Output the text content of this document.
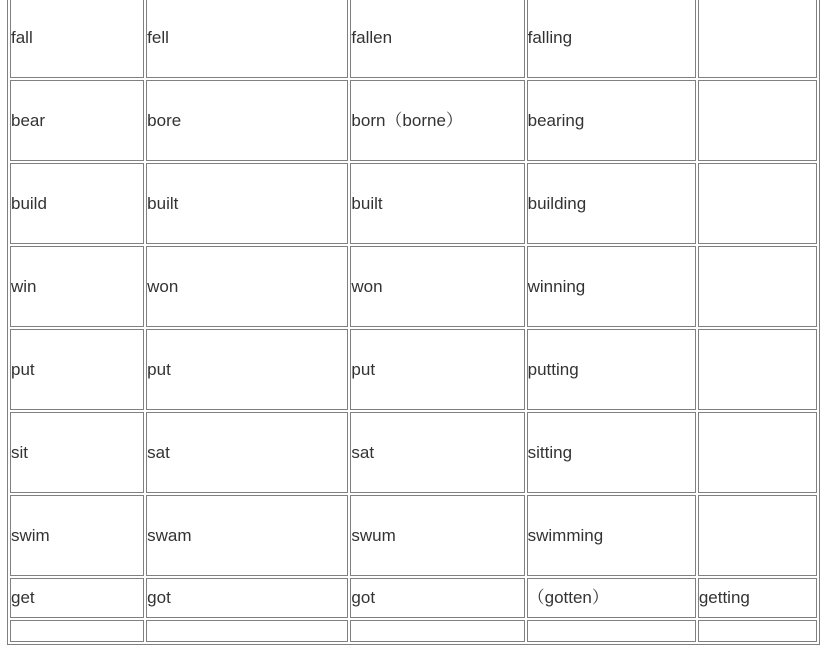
fall	fell	fallen	falling	
bear	bore	born（borne）	bearing	
build	built	built	building	
win	won	won	winning	
put	put	put	putting	
sit	sat	sat	sitting	
swim	swam	swum	swimming	
get	got	got	（gotten）	getting
